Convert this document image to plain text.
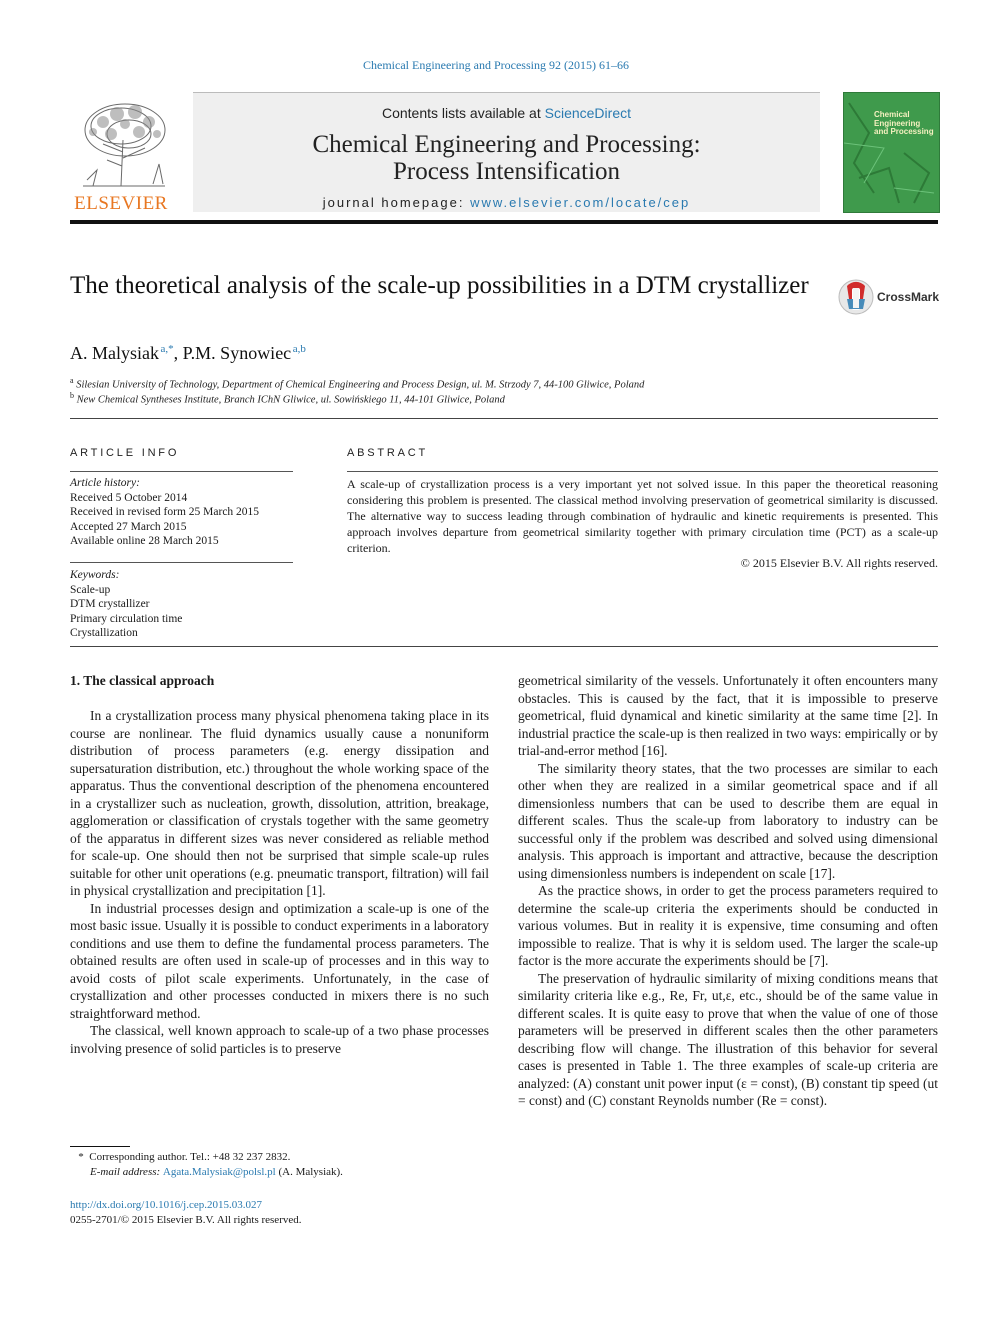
Chemical Engineering and Processing 92 (2015) 61–66
ELSEVIER
Contents lists available at ScienceDirect
Chemical Engineering and Processing:
Process Intensification
journal homepage: www.elsevier.com/locate/cep
Chemical Engineering and Processing
The theoretical analysis of the scale-up possibilities in a DTM crystallizer	CrossMark
A. Malysiak  $^{a,*}$, P.M. Synowiec  $^{a,b}$
$^a$ Silesian University of Technology, Department of Chemical Engineering and Process Design, ul. M. Strzody 7, 44-100 Gliwice, Poland
$^b$ New Chemical Syntheses Institute, Branch IChN Gliwice, ul. Sowińskiego 11, 44-101 Gliwice, Poland
ARTICLE INFO
Article history:
Received 5 October 2014
Received in revised form 25 March 2015
Accepted 27 March 2015
Available online 28 March 2015
Keywords:
Scale-up
DTM crystallizer
Primary circulation time
Crystallization
ABSTRACT
A scale-up of crystallization process is a very important yet not solved issue. In this paper the theoretical reasoning considering this problem is presented. The classical method involving preservation of geometrical similarity is discussed. The alternative way to success leading through combination of hydraulic and kinetic requirements is presented. This approach involves departure from geometrical similarity together with primary circulation time (PCT) as a scale-up criterion.
© 2015 Elsevier B.V. All rights reserved.
1. The classical approach

In a crystallization process many physical phenomena taking place in its course are nonlinear. The fluid dynamics usually cause a nonuniform distribution of process parameters (e.g. energy dissipation and supersaturation distribution, etc.) throughout the whole working space of the apparatus. Thus the conventional description of the phenomena encountered in a crystallizer such as nucleation, growth, dissolution, attrition, breakage, agglomeration or classification of crystals together with the same geometry of the apparatus in different sizes was never considered as reliable method for scale-up. One should then not be surprised that simple scale-up rules suitable for other unit operations (e.g. pneumatic transport, filtration) will fail in physical crystallization and precipitation [1].

In industrial processes design and optimization a scale-up is one of the most basic issue. Usually it is possible to conduct experiments in a laboratory conditions and use them to define the fundamental process parameters. The obtained results are often used in scale-up of processes and in this way to avoid costs of pilot scale experiments. Unfortunately, in the case of crystallization and other processes conducted in mixers there is no such straightforward method.

The classical, well known approach to scale-up of a two phase processes involving presence of solid particles is to preserve

geometrical similarity of the vessels. Unfortunately it often encounters many obstacles. This is caused by the fact, that it is impossible to preserve geometrical, fluid dynamical and kinetic similarity at the same time [2]. In industrial practice the scale-up is then realized in two ways: empirically or by trial-and-error method [16].

The similarity theory states, that the two processes are similar to each other when they are realized in a similar geometrical space and if all dimensionless numbers that can be used to describe them are equal in different scales. Thus the scale-up from laboratory to industry can be successful only if the problem was described and solved using dimensional analysis. This approach is important and attractive, because the description using dimensionless numbers is independent on scale [17].

As the practice shows, in order to get the process parameters required to determine the scale-up criteria the experiments should be conducted in various volumes. But in reality it is expensive, time consuming and often impossible to realize. That is why it is seldom used. The larger the scale-up factor is the more accurate the experiments should be [7].

The preservation of hydraulic similarity of mixing conditions means that similarity criteria like e.g., Re, Fr, ut,ε, etc., should be of the same value in different scales. It is quite easy to prove that when the value of one of those parameters will be preserved in different scales then the other parameters describing flow will change. The illustration of this behavior for several cases is presented in Table 1. The three examples of scale-up criteria are analyzed: (A) constant unit power input (ε = const), (B) constant tip speed (ut = const) and (C) constant Reynolds number (Re = const).

* Corresponding author. Tel.: +48 32 237 2832.
E-mail address: Agata.Malysiak@polsl.pl (A. Malysiak).
http://dx.doi.org/10.1016/j.cep.2015.03.027
0255-2701/© 2015 Elsevier B.V. All rights reserved.
